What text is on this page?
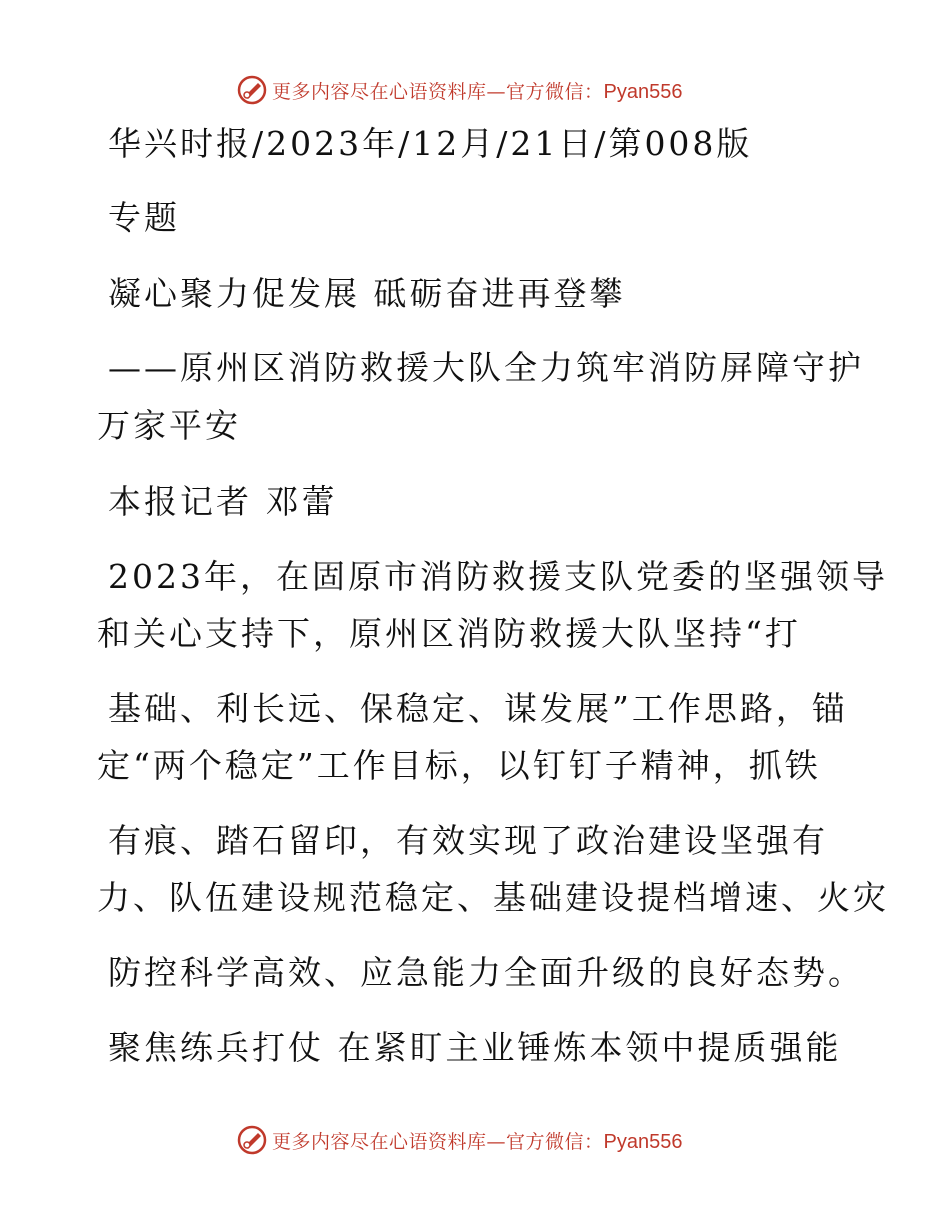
更多内容尽在心语资料库—官方微信：Pyan556
华兴时报/2023年/12月/21日/第008版
专题
凝心聚力促发展 砥砺奋进再登攀
——原州区消防救援大队全力筑牢消防屏障守护
万家平安
本报记者 邓蕾
2023年，在固原市消防救援支队党委的坚强领导
和关心支持下，原州区消防救援大队坚持“打
基础、利长远、保稳定、谋发展”工作思路，锚
定“两个稳定”工作目标，以钉钉子精神，抓铁
有痕、踏石留印，有效实现了政治建设坚强有
力、队伍建设规范稳定、基础建设提档增速、火灾
防控科学高效、应急能力全面升级的良好态势。
聚焦练兵打仗 在紧盯主业锤炼本领中提质强能
更多内容尽在心语资料库—官方微信：Pyan556
